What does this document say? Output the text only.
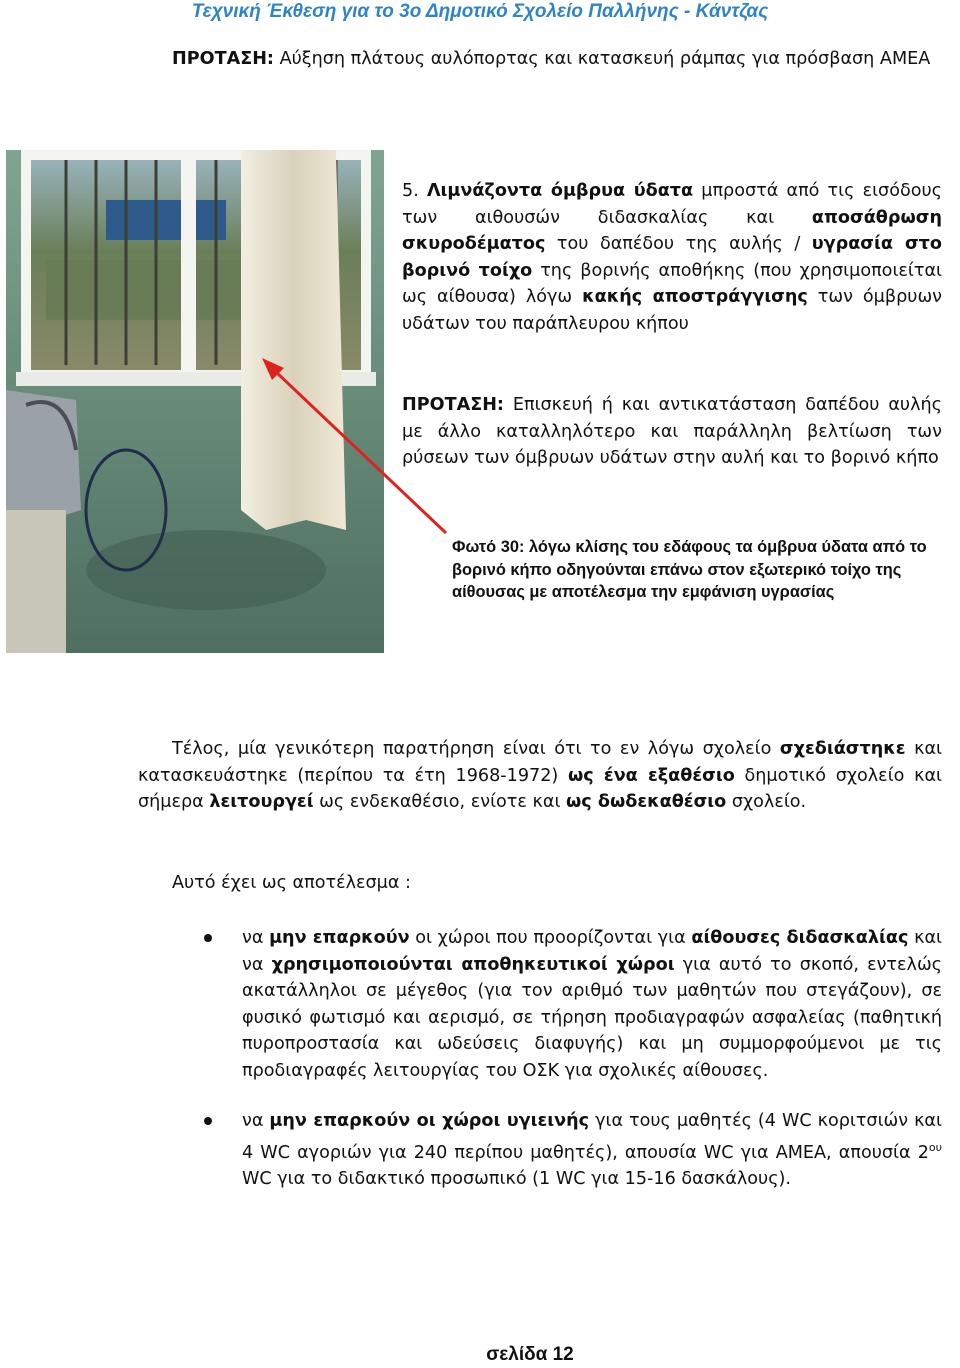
Τεχνική Έκθεση για το 3ο Δημοτικό Σχολείο Παλλήνης - Κάντζας
ΠΡΟΤΑΣΗ: Αύξηση πλάτους αυλόπορτας και κατασκευή ράμπας για πρόσβαση ΑΜΕΑ
5. Λιμνάζοντα όμβρυα ύδατα μπροστά από τις εισόδους των αιθουσών διδασκαλίας και αποσάθρωση σκυροδέματος του δαπέδου της αυλής / υγρασία στο βορινό τοίχο της βορινής αποθήκης (που χρησιμοποιείται ως αίθουσα) λόγω κακής αποστράγγισης των όμβρυων υδάτων του παράπλευρου κήπου
ΠΡΟΤΑΣΗ: Επισκευή ή και αντικατάσταση δαπέδου αυλής με άλλο καταλληλότερο και παράλληλη βελτίωση των ρύσεων των όμβρυων υδάτων στην αυλή και το βορινό κήπο
Φωτό 30: λόγω κλίσης του εδάφους τα όμβρυα ύδατα από το βορινό κήπο οδηγούνται επάνω στον εξωτερικό τοίχο της αίθουσας με αποτέλεσμα την εμφάνιση υγρασίας
Τέλος, μία γενικότερη παρατήρηση είναι ότι το εν λόγω σχολείο σχεδιάστηκε και κατασκευάστηκε (περίπου τα έτη 1968-1972) ως ένα εξαθέσιο δημοτικό σχολείο και σήμερα λειτουργεί ως ενδεκαθέσιο, ενίοτε και ως δωδεκαθέσιο σχολείο.
Αυτό έχει ως αποτέλεσμα :
να μην επαρκούν οι χώροι που προορίζονται για αίθουσες διδασκαλίας και να χρησιμοποιούνται αποθηκευτικοί χώροι για αυτό το σκοπό, εντελώς ακατάλληλοι σε μέγεθος (για τον αριθμό των μαθητών που στεγάζουν), σε φυσικό φωτισμό και αερισμό, σε τήρηση προδιαγραφών ασφαλείας (παθητική πυροπροστασία και ωδεύσεις διαφυγής) και μη συμμορφούμενοι με τις προδιαγραφές λειτουργίας του ΟΣΚ για σχολικές αίθουσες.
να μην επαρκούν οι χώροι υγιεινής για τους μαθητές (4 WC κοριτσιών και 4 WC αγοριών για 240 περίπου μαθητές), απουσία WC για ΑΜΕΑ, απουσία $2^{o\upsilon}$ WC για το διδακτικό προσωπικό (1 WC για 15-16 δασκάλους).
σελίδα 12
